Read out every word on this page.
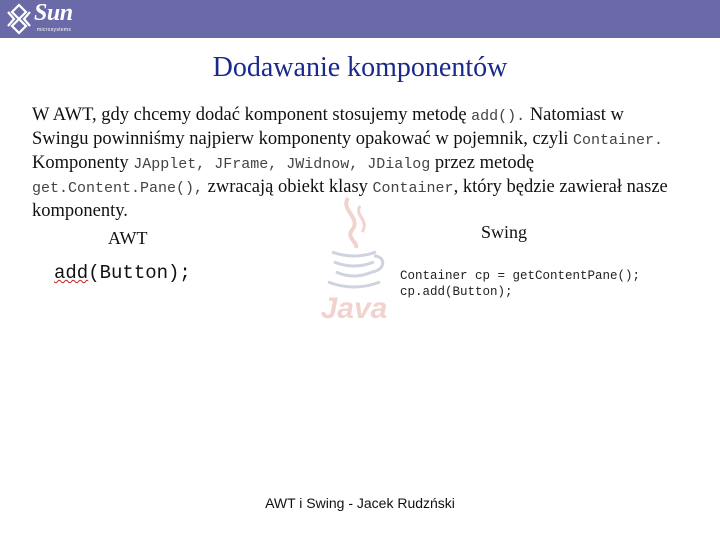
Sun
microsystems
Dodawanie komponentów
W AWT, gdy chcemy dodać komponent stosujemy metodę add(). Natomiast w Swingu powinniśmy najpierw komponenty opakować w pojemnik, czyli Container. Komponenty JApplet, JFrame, JWidnow, JDialog przez metodę get.Content.Pane(), zwracają obiekt klasy Container, który będzie zawierał nasze komponenty.
Java
AWT	Swing
add(Button);	Container cp = getContentPane();
cp.add(Button);
AWT i Swing - Jacek Rudzński
